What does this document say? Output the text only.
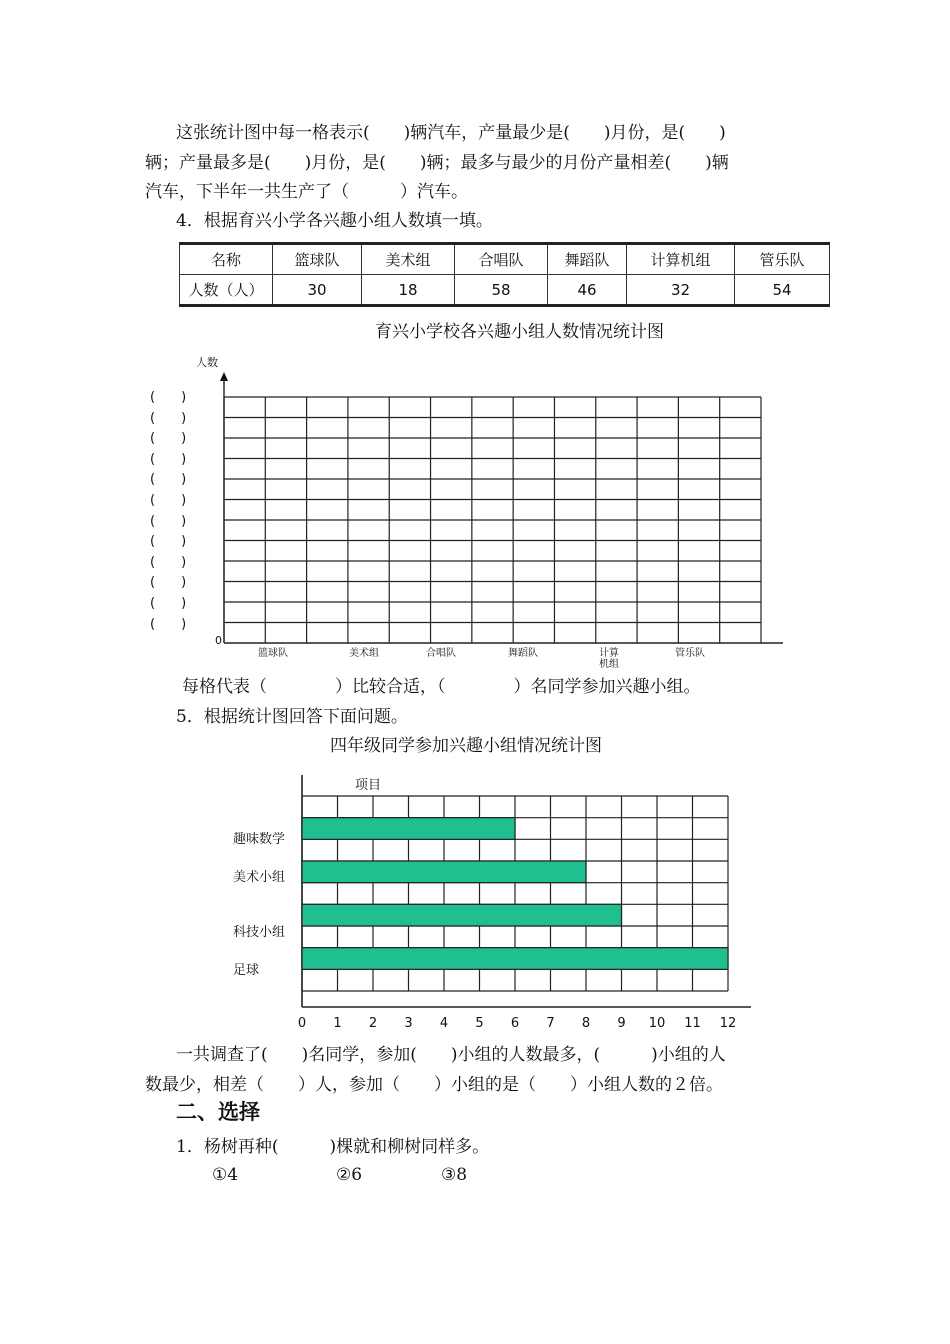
这张统计图中每一格表示(　　)辆汽车，产量最少是(　　)月份，是(　　)
辆；产量最多是(　　)月份，是(　　)辆；最多与最少的月份产量相差(　　)辆
汽车，下半年一共生产了（　　　）汽车。
4．根据育兴小学各兴趣小组人数填一填。
名称	篮球队	美术组	合唱队	舞蹈队	计算机组	管乐队
人数（人）	30	18	58	46	32	54
育兴小学校各兴趣小组人数情况统计图
人数
0
(　　)
(　　)
(　　)
(　　)
(　　)
(　　)
(　　)
(　　)
(　　)
(　　)
(　　)
(　　)
篮球队	美术组	合唱队	舞蹈队	计算
机组
管乐队
每格代表（　　　　）比较合适，（　　　　）名同学参加兴趣小组。
5．根据统计图回答下面问题。
四年级同学参加兴趣小组情况统计图
项目
趣味数学
美术小组
科技小组
足球
0	1	2	3	4	5	6	7	8	9	10 11 12
一共调查了(　　)名同学，参加(　　)小组的人数最多，(　　　)小组的人
数最少，相差（　　）人，参加（　　）小组的是（　　）小组人数的２倍。
二、选择
1．杨树再种(　　　)棵就和柳树同样多。
①4	②6	③8
